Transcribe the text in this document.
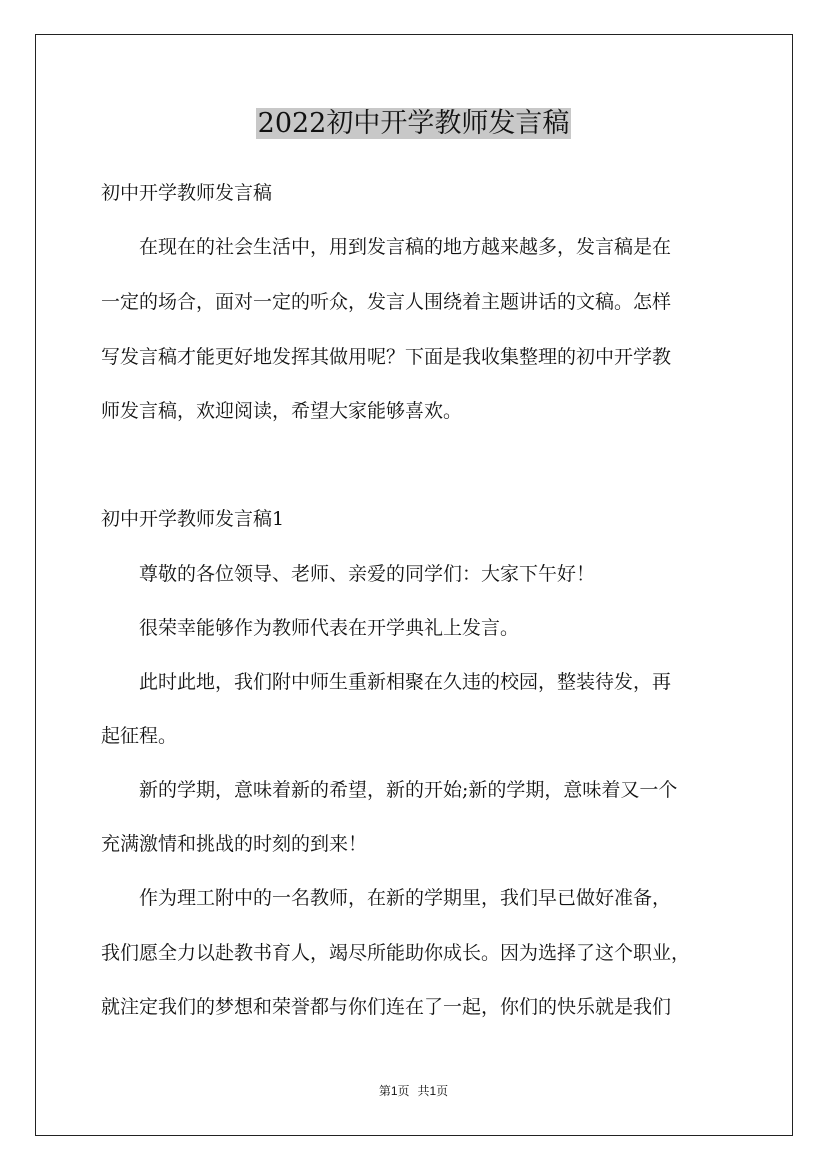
2022初中开学教师发言稿
初中开学教师发言稿
　　在现在的社会生活中，用到发言稿的地方越来越多，发言稿是在
一定的场合，面对一定的听众，发言人围绕着主题讲话的文稿。怎样
写发言稿才能更好地发挥其做用呢？下面是我收集整理的初中开学教
师发言稿，欢迎阅读，希望大家能够喜欢。
初中开学教师发言稿1
　　尊敬的各位领导、老师、亲爱的同学们：大家下午好！
　　很荣幸能够作为教师代表在开学典礼上发言。
　　此时此地，我们附中师生重新相聚在久违的校园，整装待发，再
起征程。
　　新的学期，意味着新的希望，新的开始;新的学期，意味着又一个
充满激情和挑战的时刻的到来！
　　作为理工附中的一名教师，在新的学期里，我们早已做好准备，
我们愿全力以赴教书育人，竭尽所能助你成长。因为选择了这个职业，
就注定我们的梦想和荣誉都与你们连在了一起，你们的快乐就是我们
第1页 共1页
